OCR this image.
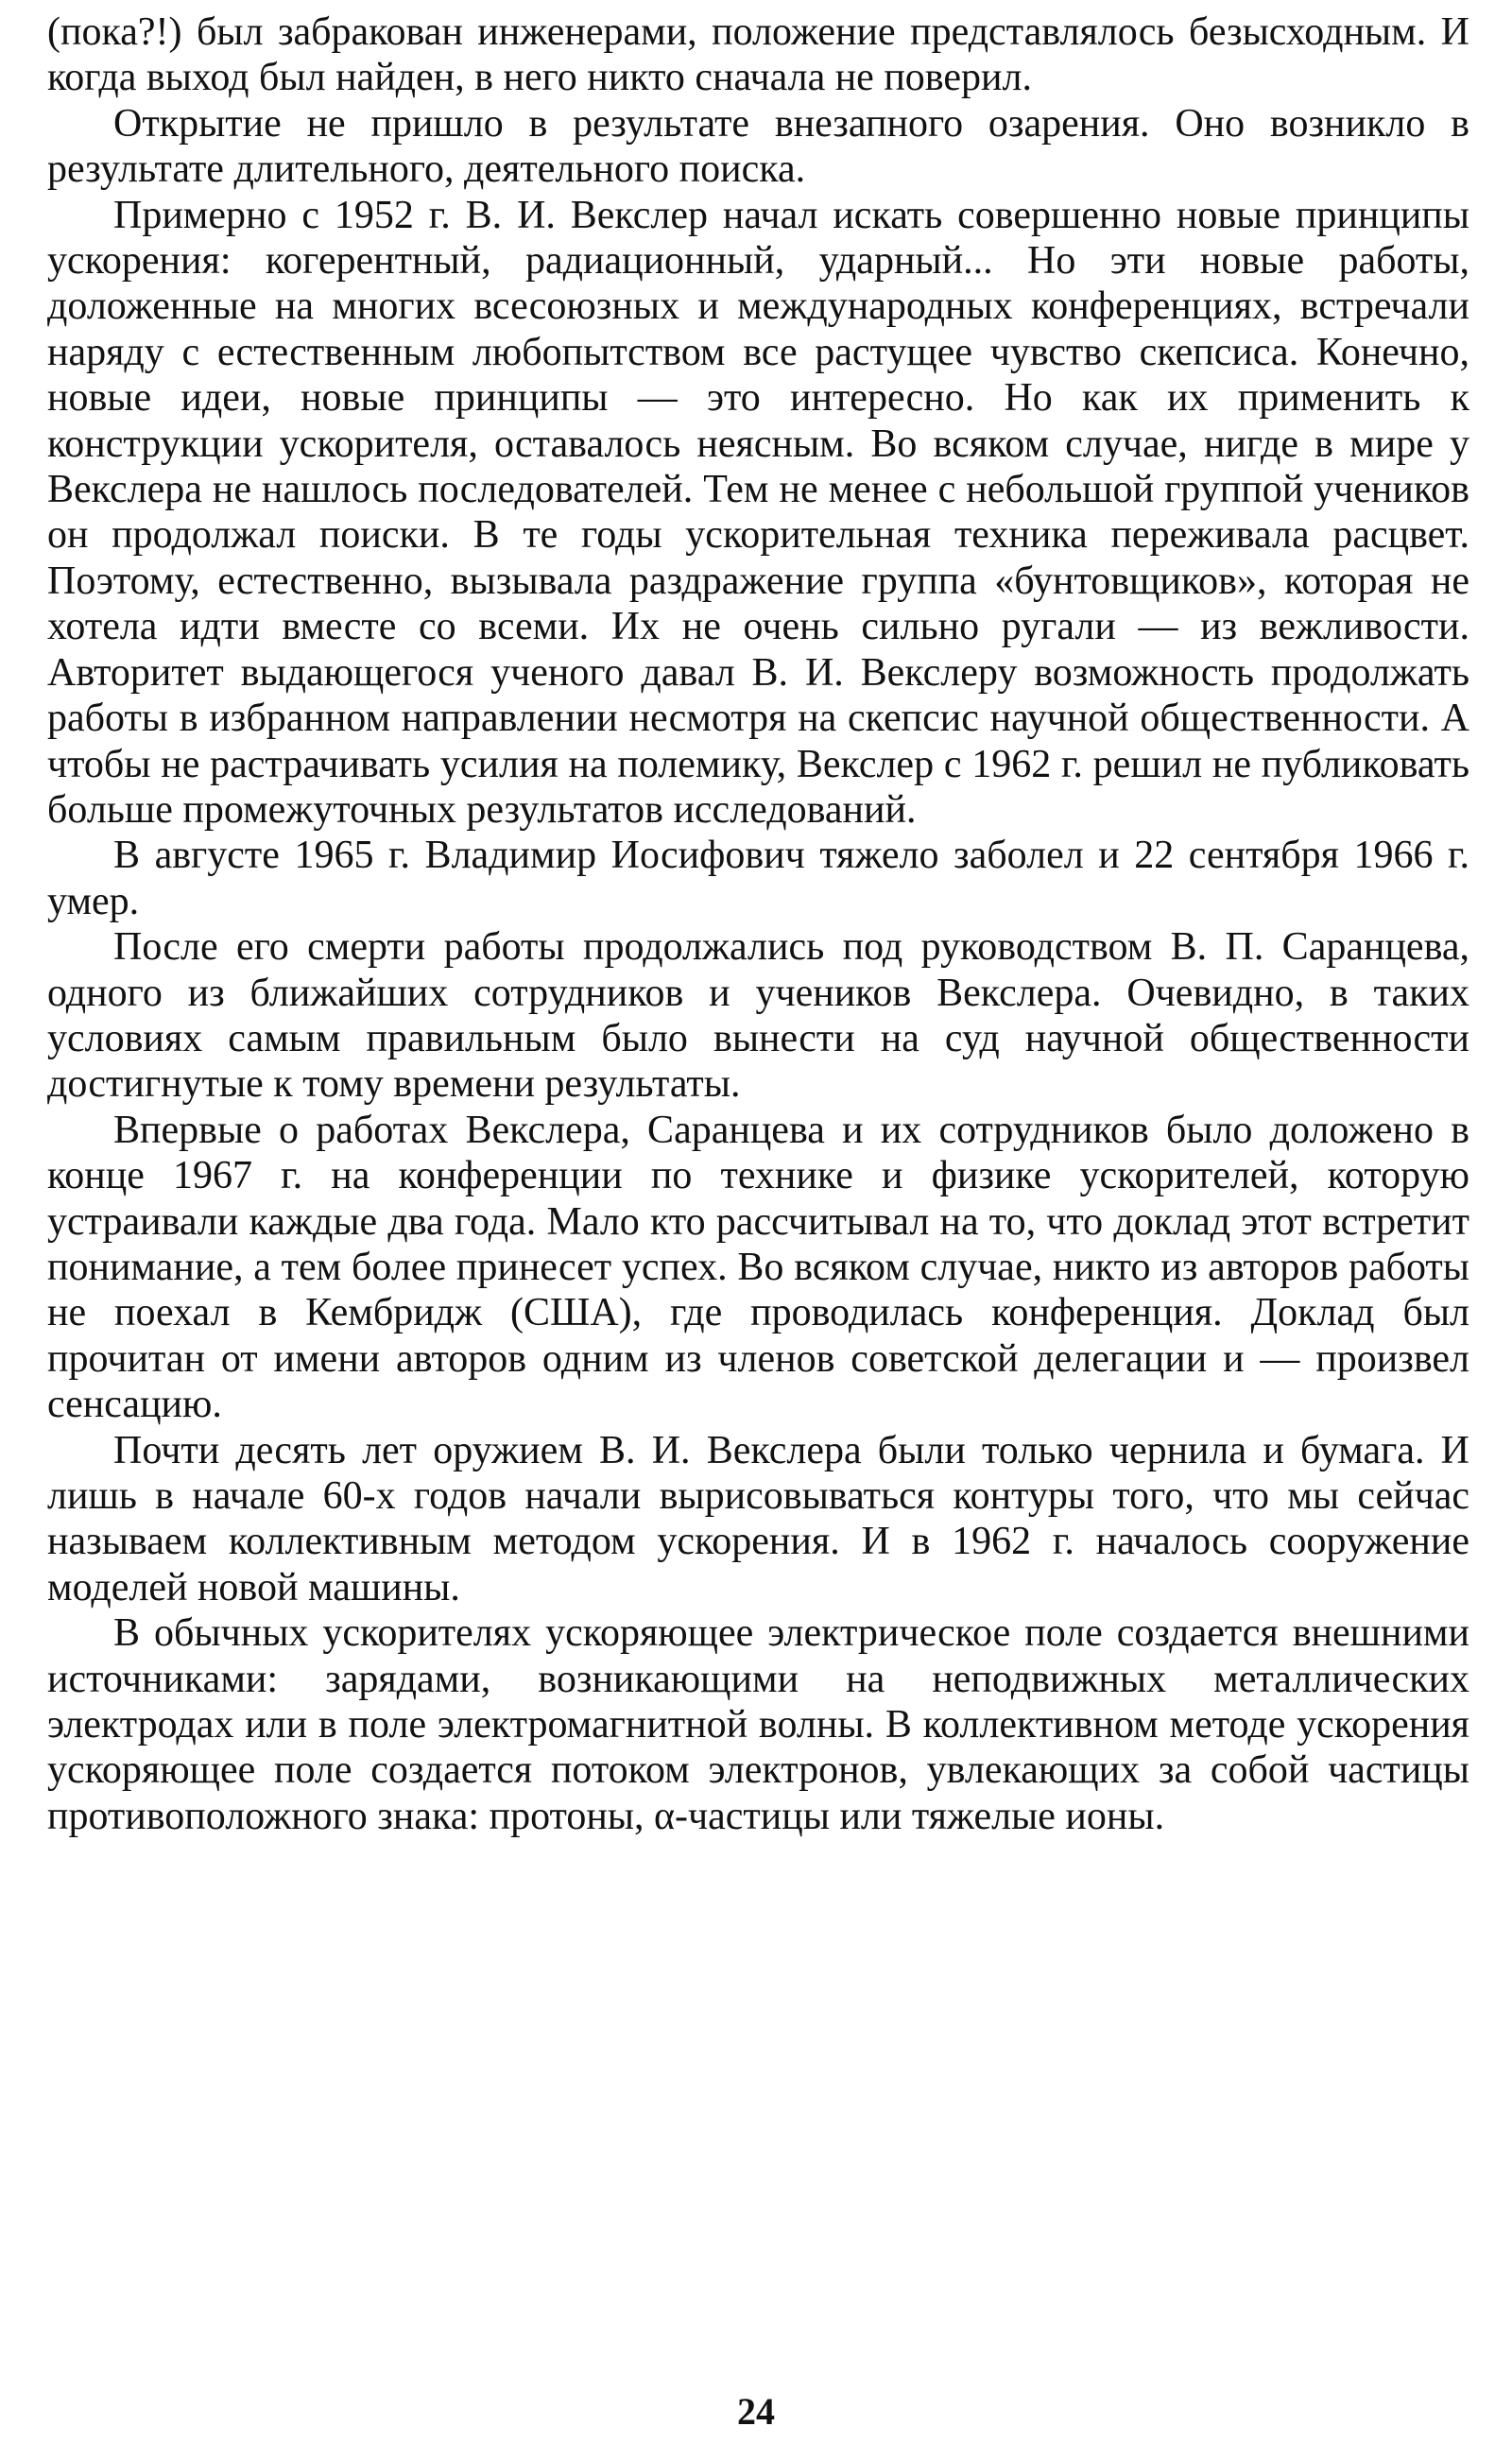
(пока?!) был забракован инженерами, положение представлялось безысходным. И когда выход был найден, в него никто сначала не поверил.

Открытие не пришло в результате внезапного озарения. Оно возникло в результате длительного, деятельного поиска.

Примерно с 1952 г. В. И. Векслер начал искать совершенно новые принципы ускорения: когерентный, радиационный, ударный... Но эти новые работы, доложенные на многих всесоюзных и международных конференциях, встречали наряду с естественным любопытством все растущее чувство скепсиса. Конечно, новые идеи, новые принципы — это интересно. Но как их применить к конструкции ускорителя, оставалось неясным. Во всяком случае, нигде в мире у Векслера не нашлось последователей. Тем не менее с небольшой группой учеников он продолжал поиски. В те годы ускорительная техника переживала расцвет. Поэтому, естественно, вызывала раздражение группа «бунтовщиков», которая не хотела идти вместе со всеми. Их не очень сильно ругали — из вежливости. Авторитет выдающегося ученого давал В. И. Векслеру возможность продолжать работы в избранном направлении несмотря на скепсис научной общественности. А чтобы не растрачивать усилия на полемику, Векслер с 1962 г. решил не публиковать больше промежуточных результатов исследований.

В августе 1965 г. Владимир Иосифович тяжело заболел и 22 сентября 1966 г. умер.

После его смерти работы продолжались под руководством В. П. Саранцева, одного из ближайших сотрудников и учеников Векслера. Очевидно, в таких условиях самым правильным было вынести на суд научной общественности достигнутые к тому времени результаты.

Впервые о работах Векслера, Саранцева и их сотрудников было доложено в конце 1967 г. на конференции по технике и физике ускорителей, которую устраивали каждые два года. Мало кто рассчитывал на то, что доклад этот встретит понимание, а тем более принесет успех. Во всяком случае, никто из авторов работы не поехал в Кембридж (США), где проводилась конференция. Доклад был прочитан от имени авторов одним из членов советской делегации и — произвел сенсацию.

Почти десять лет оружием В. И. Векслера были только чернила и бумага. И лишь в начале 60-х годов начали вырисовываться контуры того, что мы сейчас называем коллективным методом ускорения. И в 1962 г. началось сооружение моделей новой машины.

В обычных ускорителях ускоряющее электрическое поле создается внешними источниками: зарядами, возникающими на неподвижных металлических электродах или в поле электромагнитной волны. В коллективном методе ускорения ускоряющее поле создается потоком электронов, увлекающих за собой частицы противоположного знака: протоны, α-частицы или тяжелые ионы.

24
